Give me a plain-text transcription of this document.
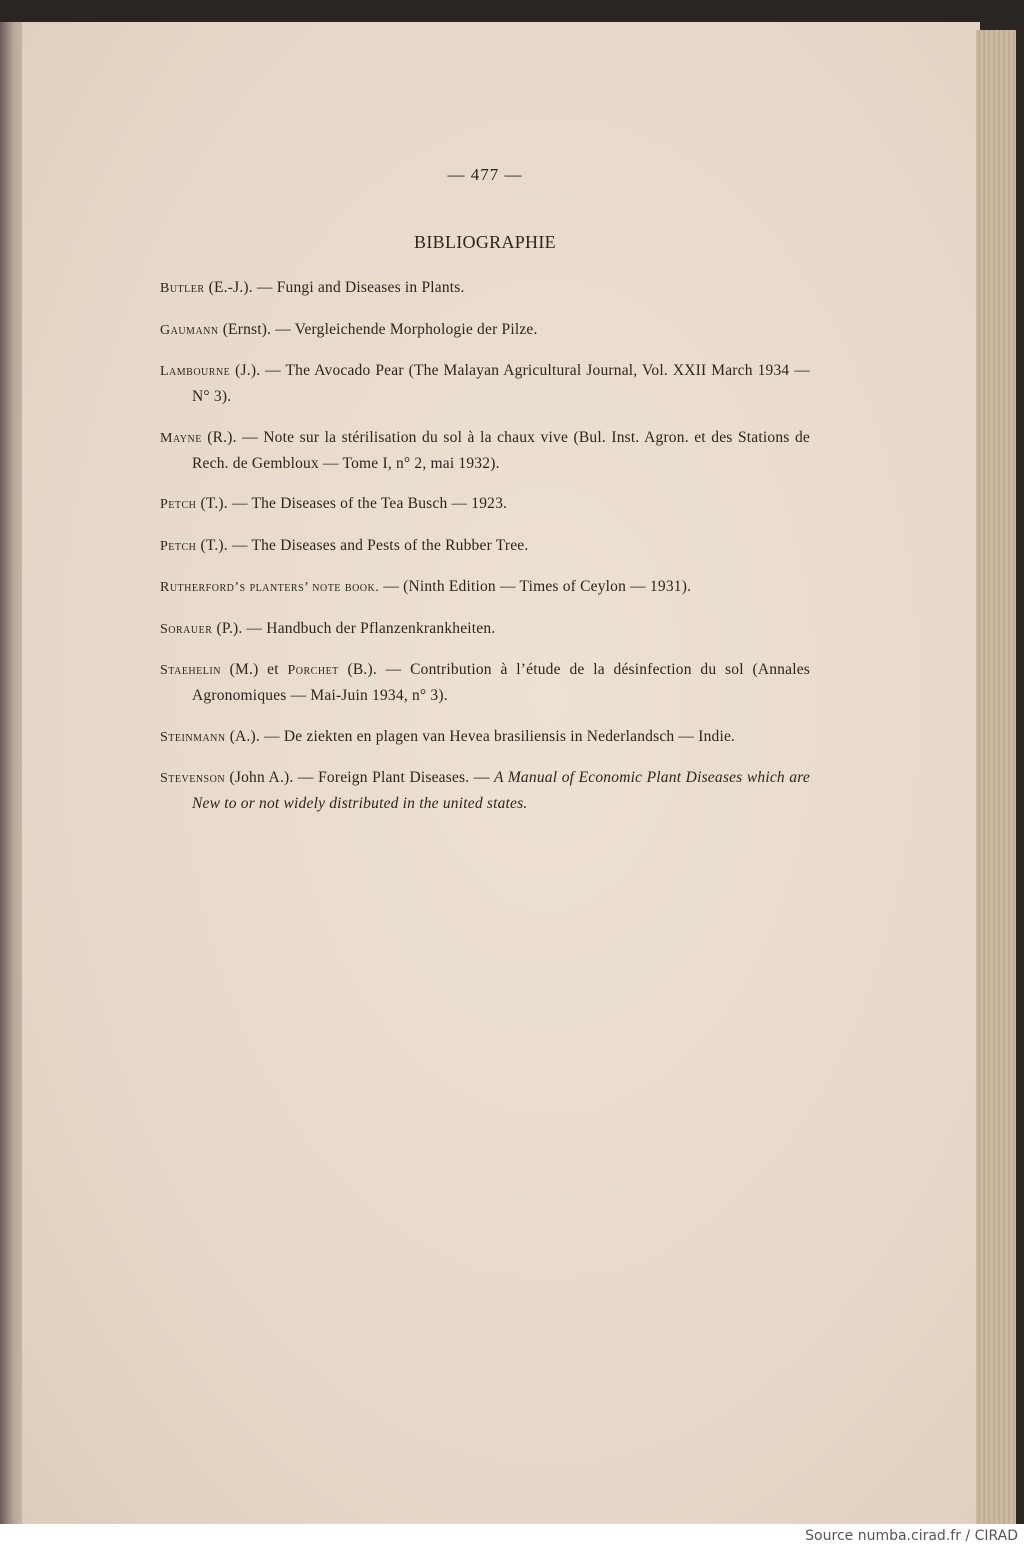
— 477 —
BIBLIOGRAPHIE

Butler (E.-J.). — Fungi and Diseases in Plants.

Gaumann (Ernst). — Vergleichende Morphologie der Pilze.

Lambourne (J.). — The Avocado Pear (The Malayan Agricultural Journal, Vol. XXII March 1934 — N° 3).

Mayne (R.). — Note sur la stérilisation du sol à la chaux vive (Bul. Inst. Agron. et des Stations de Rech. de Gembloux — Tome I, n° 2, mai 1932).

Petch (T.). — The Diseases of the Tea Busch — 1923.

Petch (T.). — The Diseases and Pests of the Rubber Tree.

Rutherford’s planters’ note book. — (Ninth Edition — Times of Ceylon — 1931).

Sorauer (P.). — Handbuch der Pflanzenkrankheiten.

Staehelin (M.) et Porchet (B.). — Contribution à l’étude de la désinfection du sol (Annales Agronomiques — Mai-Juin 1934, n° 3).

Steinmann (A.). — De ziekten en plagen van Hevea brasiliensis in Nederlandsch — Indie.

Stevenson (John A.). — Foreign Plant Diseases. — A Manual of Economic Plant Diseases which are New to or not widely distributed in the united states.

Source numba.cirad.fr / CIRAD
